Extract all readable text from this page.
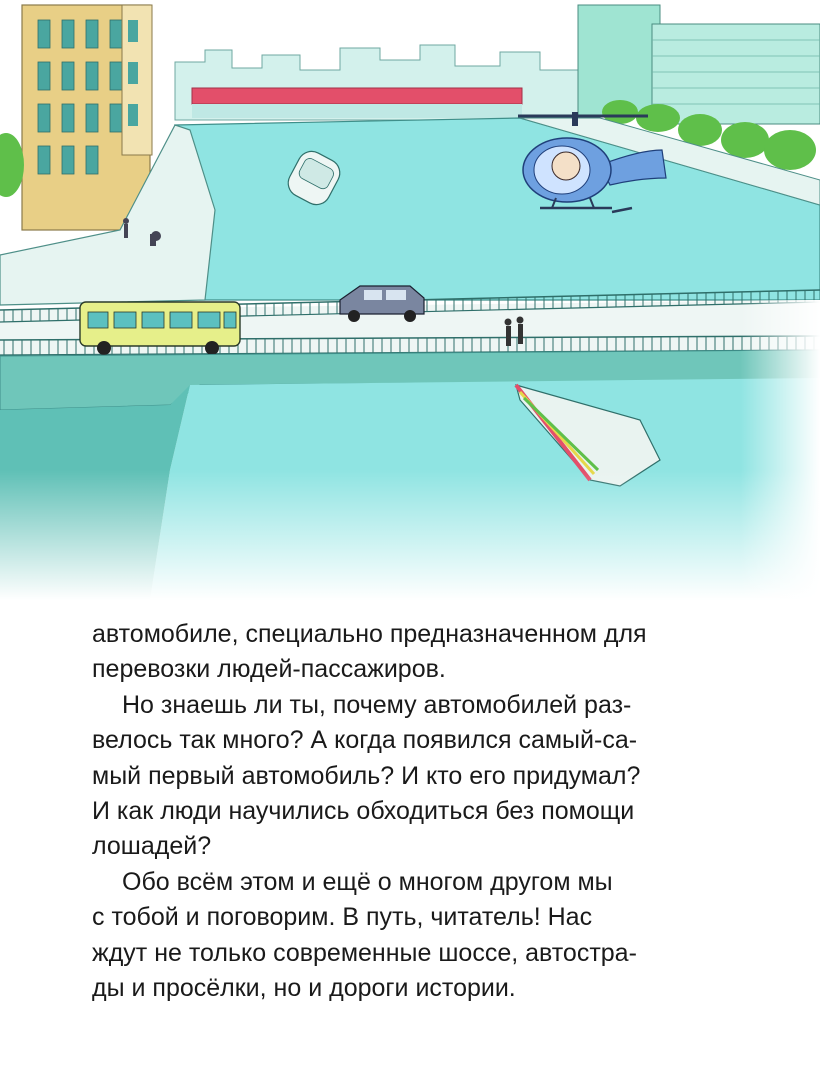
автомобиле, специально предназначенном для
перевозки людей-пассажиров.

Но знаешь ли ты, почему автомобилей раз-
велось так много? А когда появился самый-са-
мый первый автомобиль? И кто его придумал?
И как люди научились обходиться без помощи
лошадей?

Обо всём этом и ещё о многом другом мы
с тобой и поговорим. В путь, читатель! Нас
ждут не только современные шоссе, автостра-
ды и просёлки, но и дороги истории.
